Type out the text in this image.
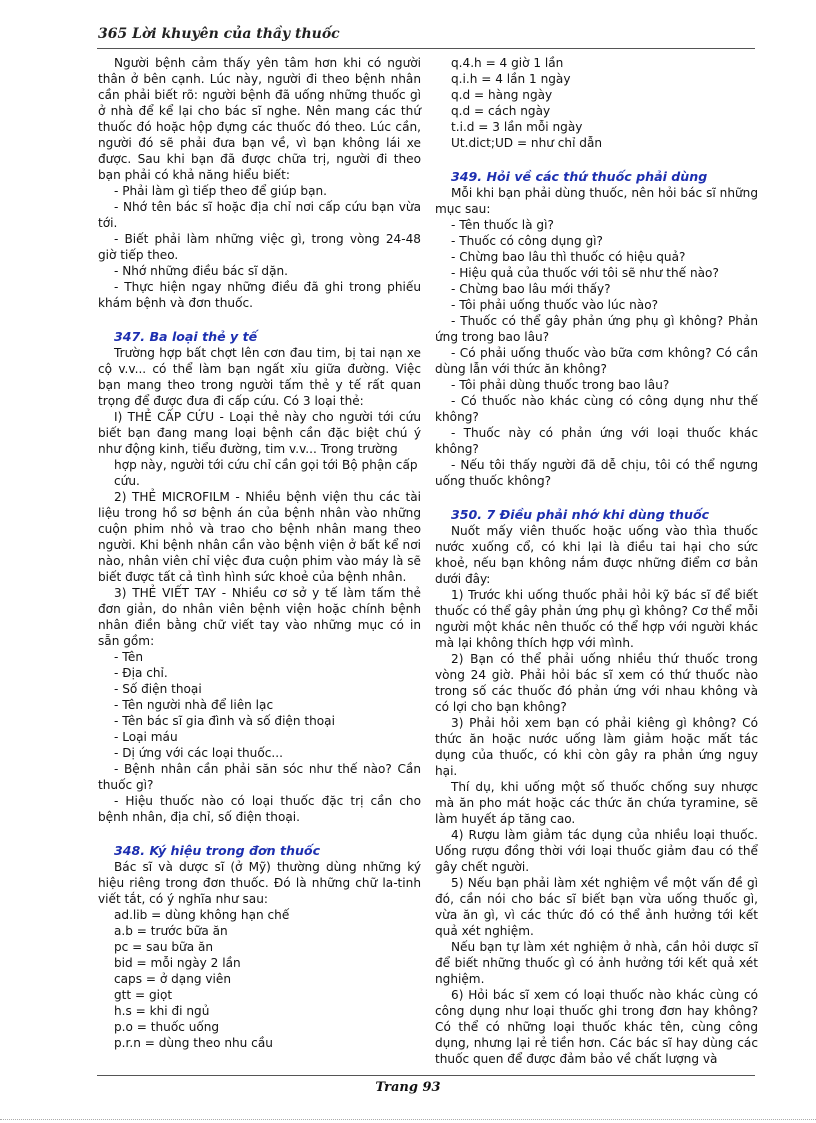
365 Lời khuyên của thầy thuốc

Người bệnh cảm thấy yên tâm hơn khi có người thân ở bên cạnh. Lúc này, người đi theo bệnh nhân cần phải biết rõ: người bệnh đã uống những thuốc gì ở nhà để kể lại cho bác sĩ nghe. Nên mang các thứ thuốc đó hoặc hộp đựng các thuốc đó theo. Lúc cần, người đó sẽ phải đưa bạn về, vì bạn không lái xe được. Sau khi bạn đã được chữa trị, người đi theo bạn phải có khả năng hiểu biết:

- Phải làm gì tiếp theo để giúp bạn.

- Nhớ tên bác sĩ hoặc địa chỉ nơi cấp cứu bạn vừa tới.

- Biết phải làm những việc gì, trong vòng 24-48 giờ tiếp theo.

- Nhớ những điều bác sĩ dặn.

- Thực hiện ngay những điều đã ghi trong phiếu khám bệnh và đơn thuốc.

347. Ba loại thẻ y tế

Trường hợp bất chợt lên cơn đau tim, bị tai nạn xe cộ v.v... có thể làm bạn ngất xỉu giữa đường. Việc bạn mang theo trong người tấm thẻ y tế rất quan trọng để được đưa đi cấp cứu. Có 3 loại thẻ:

I) THẺ CẤP CỨU - Loại thẻ này cho người tới cứu biết bạn đang mang loại bệnh cần đặc biệt chú ý như động kinh, tiểu đường, tim v.v... Trong trường

hợp này, người tới cứu chỉ cần gọi tới Bộ phận cấp cứu.

2) THẺ MICROFILM - Nhiều bệnh viện thu các tài liệu trong hồ sơ bệnh án của bệnh nhân vào những cuộn phim nhỏ và trao cho bệnh nhân mang theo người. Khi bệnh nhân cần vào bệnh viện ở bất kể nơi nào, nhân viên chỉ việc đưa cuộn phim vào máy là sẽ biết được tất cả tình hình sức khoẻ của bệnh nhân.

3) THẺ VIẾT TAY - Nhiều cơ sở y tế làm tấm thẻ đơn giản, do nhân viên bệnh viện hoặc chính bệnh nhân điền bằng chữ viết tay vào những mục có in sẵn gồm:

- Tên

- Địa chỉ.

- Số điện thoại

- Tên người nhà để liên lạc

- Tên bác sĩ gia đình và số điện thoại

- Loại máu

- Dị ứng với các loại thuốc...

- Bệnh nhân cần phải săn sóc như thế nào? Cần thuốc gì?

- Hiệu thuốc nào có loại thuốc đặc trị cần cho bệnh nhân, địa chỉ, số điện thoại.

348. Ký hiệu trong đơn thuốc

Bác sĩ và dược sĩ (ở Mỹ) thường dùng những ký hiệu riêng trong đơn thuốc. Đó là những chữ la-tinh viết tắt, có ý nghĩa như sau:

ad.lib = dùng không hạn chế

a.b = trước bữa ăn

pc = sau bữa ăn

bid = mỗi ngày 2 lần

caps = ở dạng viên

gtt = giọt

h.s = khi đi ngủ

p.o = thuốc uống

p.r.n = dùng theo nhu cầu

q.4.h = 4 giờ 1 lần

q.i.h = 4 lần 1 ngày

q.d = hàng ngày

q.d = cách ngày

t.i.d = 3 lần mỗi ngày

Ut.dict;UD = như chỉ dẫn

349. Hỏi về các thứ thuốc phải dùng

Mỗi khi bạn phải dùng thuốc, nên hỏi bác sĩ những mục sau:

- Tên thuốc là gì?

- Thuốc có công dụng gì?

- Chừng bao lâu thì thuốc có hiệu quả?

- Hiệu quả của thuốc với tôi sẽ như thế nào?

- Chừng bao lâu mới thấy?

- Tôi phải uống thuốc vào lúc nào?

- Thuốc có thể gây phản ứng phụ gì không? Phản ứng trong bao lâu?

- Có phải uống thuốc vào bữa cơm không? Có cần dùng lẫn với thức ăn không?

- Tôi phải dùng thuốc trong bao lâu?

- Có thuốc nào khác cùng có công dụng như thế không?

- Thuốc này có phản ứng với loại thuốc khác không?

- Nếu tôi thấy người đã dễ chịu, tôi có thể ngưng uống thuốc không?

350. 7 Điều phải nhớ khi dùng thuốc

Nuốt mấy viên thuốc hoặc uống vào thìa thuốc nước xuống cổ, có khi lại là điều tai hại cho sức khoẻ, nếu bạn không nắm được những điểm cơ bản dưới đây:

1) Trước khi uống thuốc phải hỏi kỹ bác sĩ để biết thuốc có thể gây phản ứng phụ gì không? Cơ thể mỗi người một khác nên thuốc có thể hợp với người khác mà lại không thích hợp với mình.

2) Bạn có thể phải uống nhiều thứ thuốc trong vòng 24 giờ. Phải hỏi bác sĩ xem có thứ thuốc nào trong số các thuốc đó phản ứng với nhau không và có lợi cho bạn không?

3) Phải hỏi xem bạn có phải kiêng gì không? Có thức ăn hoặc nước uống làm giảm hoặc mất tác dụng của thuốc, có khi còn gây ra phản ứng nguy hại.

Thí dụ, khi uống một số thuốc chống suy nhược mà ăn pho mát hoặc các thức ăn chứa tyramine, sẽ làm huyết áp tăng cao.

4) Rượu làm giảm tác dụng của nhiều loại thuốc. Uống rượu đồng thời với loại thuốc giảm đau có thể gây chết người.

5) Nếu bạn phải làm xét nghiệm về một vấn đề gì đó, cần nói cho bác sĩ biết bạn vừa uống thuốc gì, vừa ăn gì, vì các thức đó có thể ảnh hưởng tới kết quả xét nghiệm.

Nếu bạn tự làm xét nghiệm ở nhà, cần hỏi dược sĩ để biết những thuốc gì có ảnh hưởng tới kết quả xét nghiệm.

6) Hỏi bác sĩ xem có loại thuốc nào khác cùng có công dụng như loại thuốc ghi trong đơn hay không? Có thể có những loại thuốc khác tên, cùng công dụng, nhưng lại rẻ tiền hơn. Các bác sĩ hay dùng các thuốc quen để được đảm bảo về chất lượng và

Trang 93
